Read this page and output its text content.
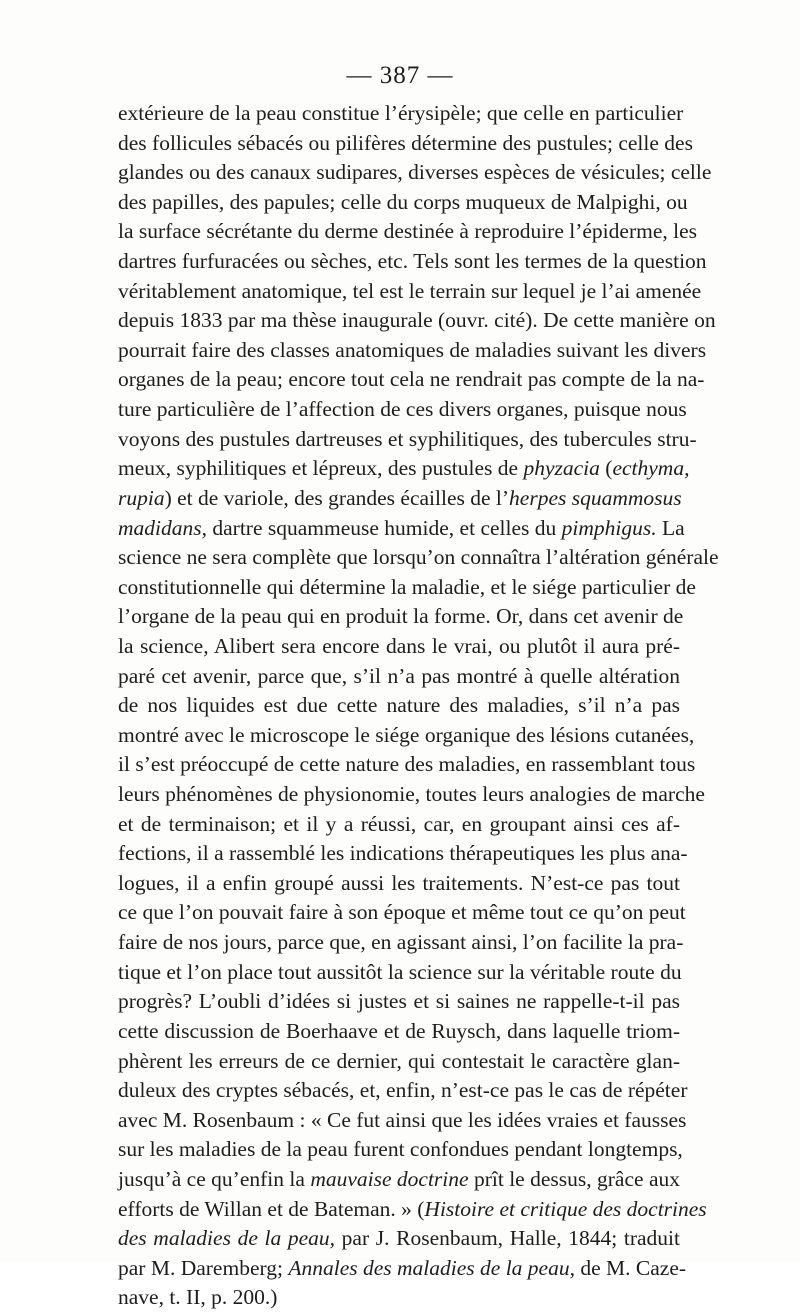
— 387 —
extérieure de la peau constitue l’érysipèle; que celle en particulier
des follicules sébacés ou pilifères détermine des pustules; celle des
glandes ou des canaux sudipares, diverses espèces de vésicules; celle
des papilles, des papules; celle du corps muqueux de Malpighi, ou
la surface sécrétante du derme destinée à reproduire l’épiderme, les
dartres furfuracées ou sèches, etc. Tels sont les termes de la question
véritablement anatomique, tel est le terrain sur lequel je l’ai amenée
depuis 1833 par ma thèse inaugurale (ouvr. cité). De cette manière on
pourrait faire des classes anatomiques de maladies suivant les divers
organes de la peau; encore tout cela ne rendrait pas compte de la na-
ture particulière de l’affection de ces divers organes, puisque nous
voyons des pustules dartreuses et syphilitiques, des tubercules stru-
meux, syphilitiques et lépreux, des pustules de phyzacia (ecthyma,
rupia) et de variole, des grandes écailles de l’herpes squammosus
madidans, dartre squammeuse humide, et celles du pimphigus. La
science ne sera complète que lorsqu’on connaîtra l’altération générale
constitutionnelle qui détermine la maladie, et le siége particulier de
l’organe de la peau qui en produit la forme. Or, dans cet avenir de
la science, Alibert sera encore dans le vrai, ou plutôt il aura pré-
paré cet avenir, parce que, s’il n’a pas montré à quelle altération
de nos liquides est due cette nature des maladies, s’il n’a pas
montré avec le microscope le siége organique des lésions cutanées,
il s’est préoccupé de cette nature des maladies, en rassemblant tous
leurs phénomènes de physionomie, toutes leurs analogies de marche
et de terminaison; et il y a réussi, car, en groupant ainsi ces af-
fections, il a rassemblé les indications thérapeutiques les plus ana-
logues, il a enfin groupé aussi les traitements. N’est-ce pas tout
ce que l’on pouvait faire à son époque et même tout ce qu’on peut
faire de nos jours, parce que, en agissant ainsi, l’on facilite la pra-
tique et l’on place tout aussitôt la science sur la véritable route du
progrès? L’oubli d’idées si justes et si saines ne rappelle-t-il pas
cette discussion de Boerhaave et de Ruysch, dans laquelle triom-
phèrent les erreurs de ce dernier, qui contestait le caractère glan-
duleux des cryptes sébacés, et, enfin, n’est-ce pas le cas de répéter
avec M. Rosenbaum : « Ce fut ainsi que les idées vraies et fausses
sur les maladies de la peau furent confondues pendant longtemps,
jusqu’à ce qu’enfin la mauvaise doctrine prît le dessus, grâce aux
efforts de Willan et de Bateman. » (Histoire et critique des doctrines
des maladies de la peau, par J. Rosenbaum, Halle, 1844; traduit
par M. Daremberg; Annales des maladies de la peau, de M. Caze-
nave, t. II, p. 200.)
